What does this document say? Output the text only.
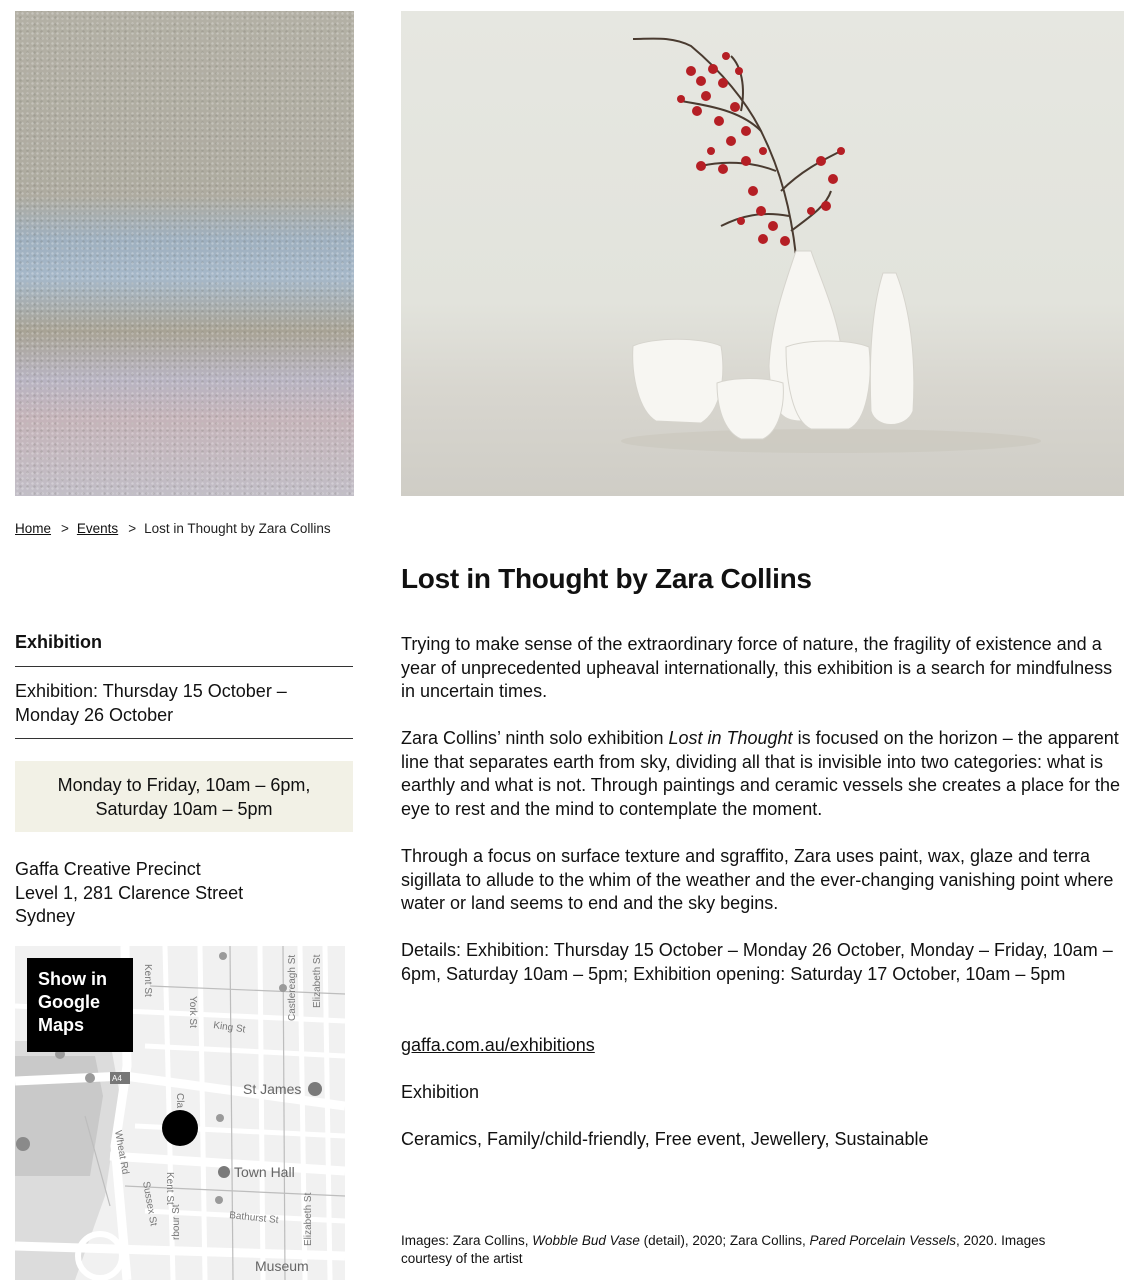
Home > Events > Lost in Thought by Zara Collins
Lost in Thought by Zara Collins
Exhibition
Exhibition: Thursday 15 October –
Monday 26 October
Monday to Friday, 10am – 6pm,
Saturday 10am – 5pm
Gaffa Creative Precinct
Level 1, 281 Clarence Street
Sydney
Kent St
York St King St
Castlereagh St Elizabeth St
Wheat Rd
Kent St
Sussex St	Bathurst St Elizabeth St
Cla
rbour St
A4
St James
Town Hall
Museum
Show in Google Maps

Trying to make sense of the extraordinary force of nature, the fragility of existence and a year of unprecedented upheaval internationally, this exhibition is a search for mindfulness in uncertain times.

Zara Collins’ ninth solo exhibition Lost in Thought is focused on the horizon – the apparent line that separates earth from sky, dividing all that is invisible into two categories: what is earthly and what is not. Through paintings and ceramic vessels she creates a place for the eye to rest and the mind to contemplate the moment.

Through a focus on surface texture and sgraffito, Zara uses paint, wax, glaze and terra sigillata to allude to the whim of the weather and the ever-changing vanishing point where water or land seems to end and the sky begins.

Details: Exhibition: Thursday 15 October – Monday 26 October, Monday – Friday, 10am – 6pm, Saturday 10am – 5pm; Exhibition opening: Saturday 17 October, 10am – 5pm

gaffa.com.au/exhibitions
Exhibition
Ceramics, Family/child-friendly, Free event, Jewellery, Sustainable
Images: Zara Collins, Wobble Bud Vase (detail), 2020; Zara Collins, Pared Porcelain Vessels, 2020. Images courtesy of the artist
